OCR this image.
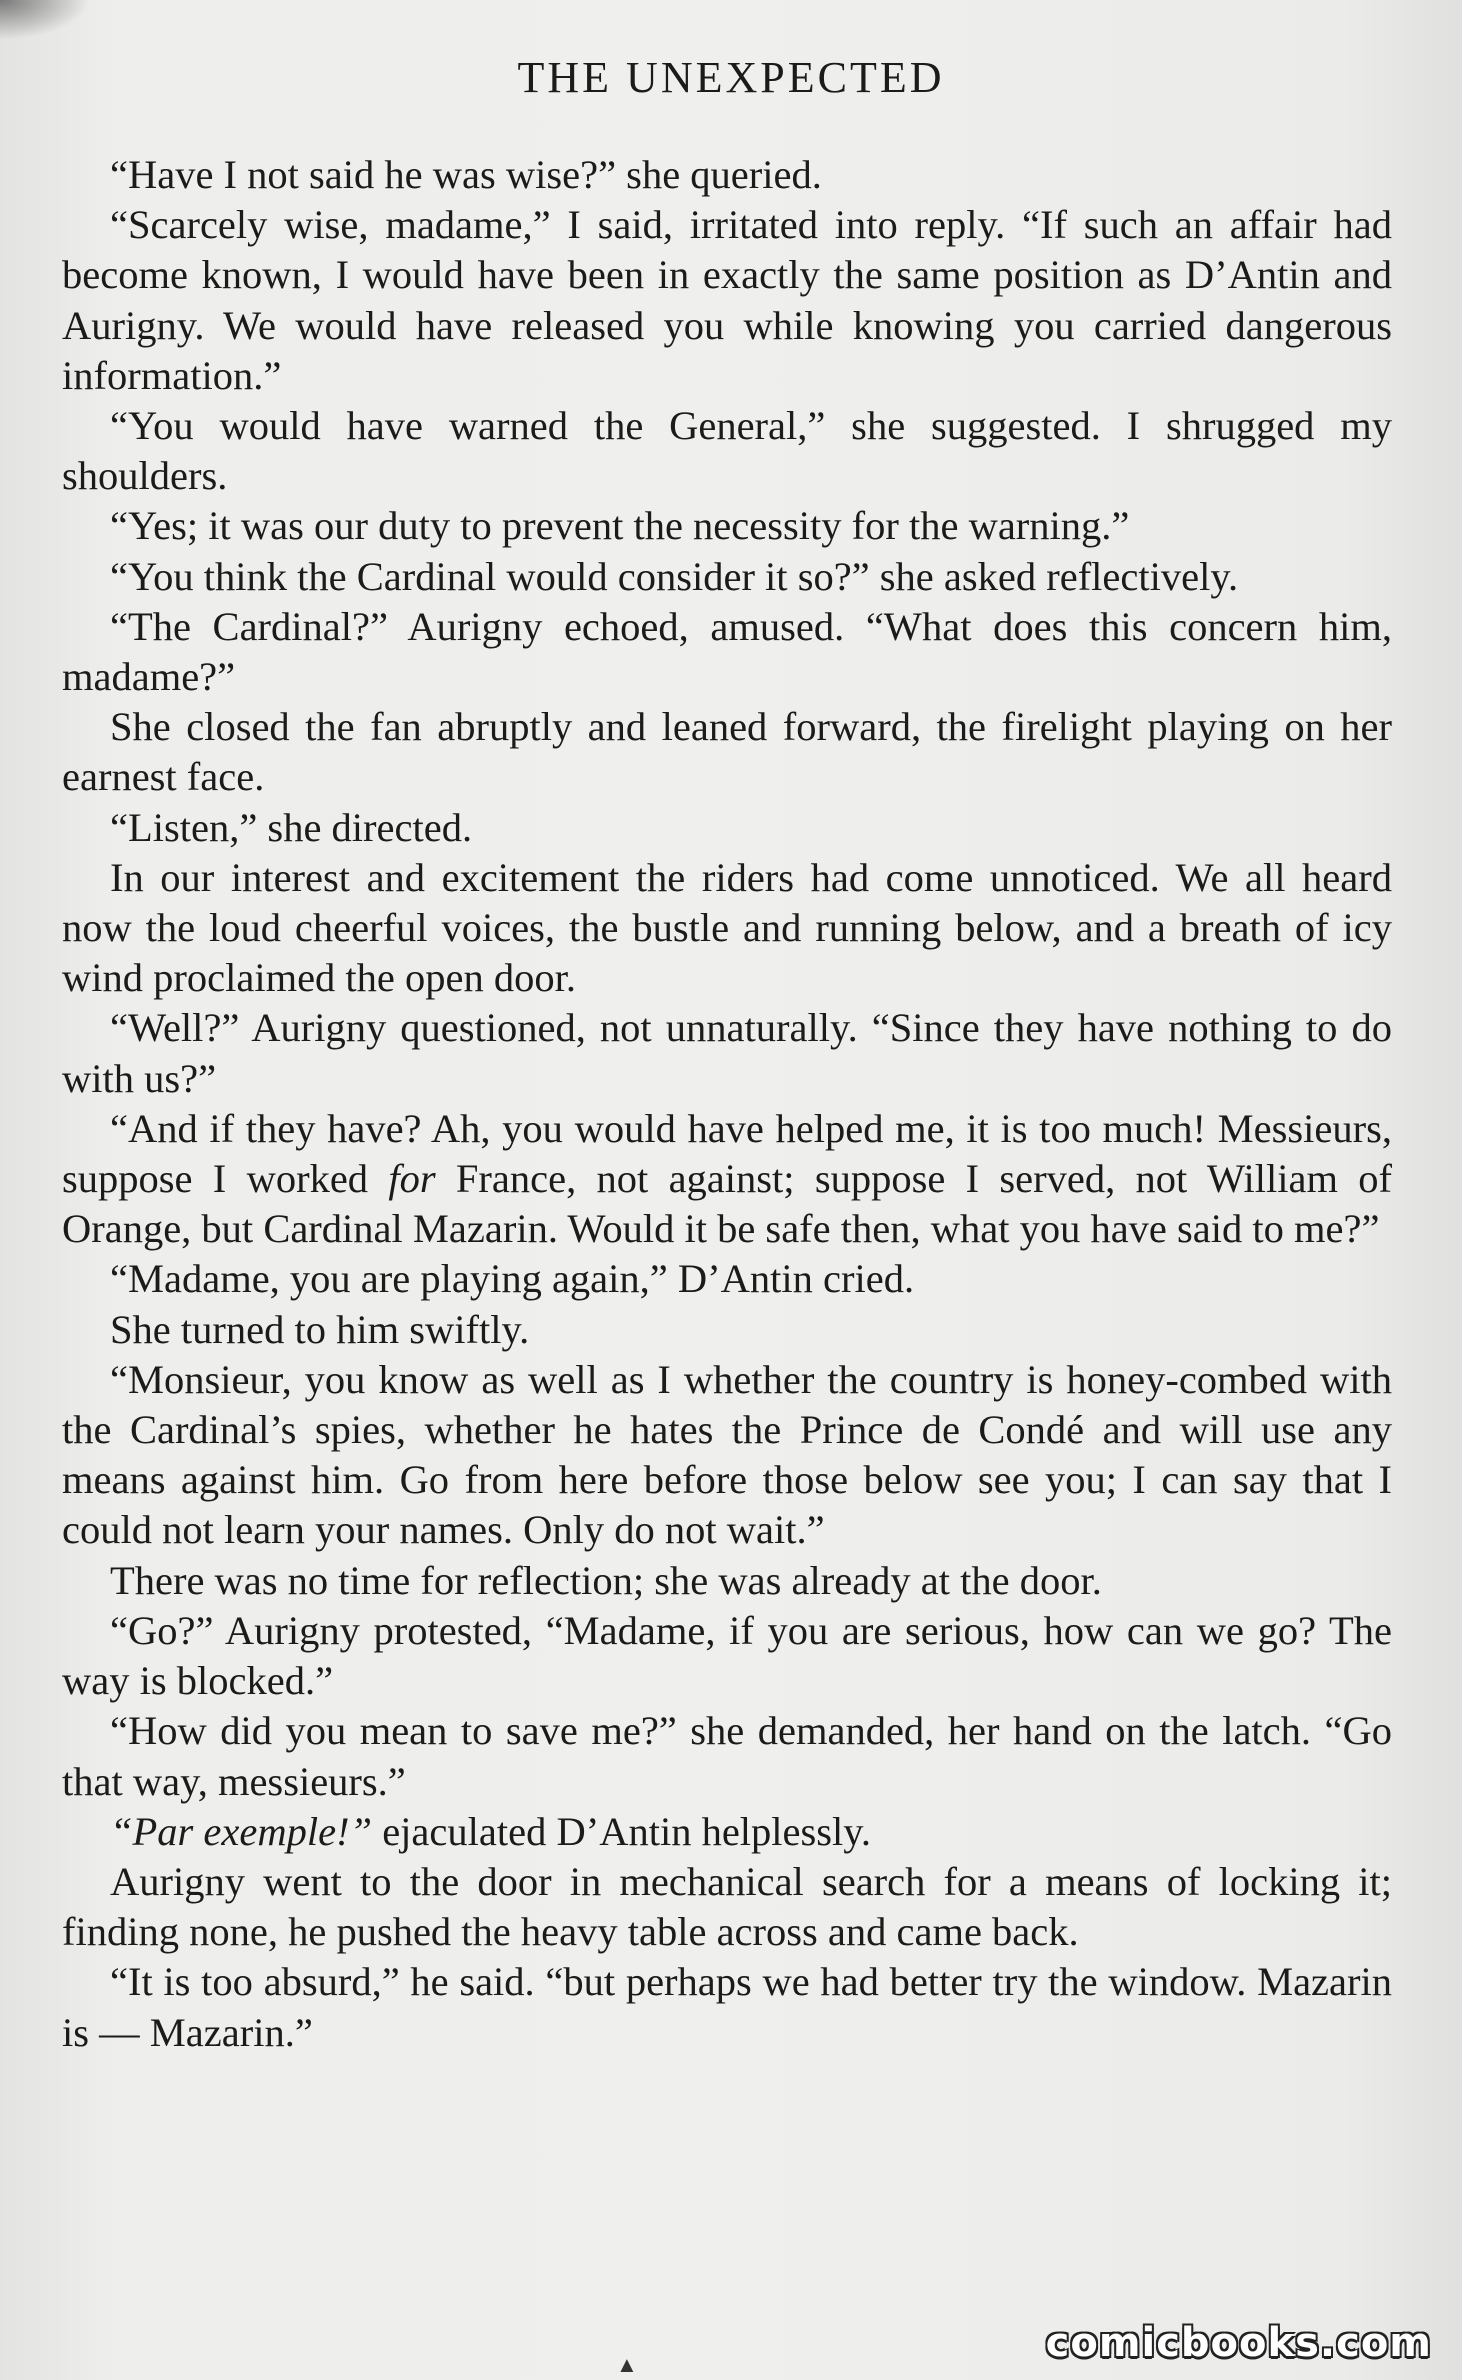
THE UNEXPECTED

“Have I not said he was wise?” she queried.

“Scarcely wise, madame,” I said, irritated into reply. “If such an affair had become known, I would have been in exactly the same position as D’Antin and Aurigny. We would have released you while knowing you carried dangerous information.”

“You would have warned the General,” she suggested. I shrugged my shoulders.

“Yes; it was our duty to prevent the necessity for the warning.”

“You think the Cardinal would consider it so?” she asked reflectively.

“The Cardinal?” Aurigny echoed, amused. “What does this concern him, madame?”

She closed the fan abruptly and leaned forward, the firelight playing on her earnest face.

“Listen,” she directed.

In our interest and excitement the riders had come unnoticed. We all heard now the loud cheerful voices, the bustle and running below, and a breath of icy wind proclaimed the open door.

“Well?” Aurigny questioned, not unnaturally. “Since they have nothing to do with us?”

“And if they have? Ah, you would have helped me, it is too much! Messieurs, suppose I worked for France, not against; suppose I served, not William of Orange, but Cardinal Mazarin. Would it be safe then, what you have said to me?”

“Madame, you are playing again,” D’Antin cried.

She turned to him swiftly.

“Monsieur, you know as well as I whether the country is honey-combed with the Cardinal’s spies, whether he hates the Prince de Condé and will use any means against him. Go from here before those below see you; I can say that I could not learn your names. Only do not wait.”

There was no time for reflection; she was already at the door.

“Go?” Aurigny protested, “Madame, if you are serious, how can we go? The way is blocked.”

“How did you mean to save me?” she demanded, her hand on the latch. “Go that way, messieurs.”

“Par exemple!” ejaculated D’Antin helplessly.

Aurigny went to the door in mechanical search for a means of locking it; finding none, he pushed the heavy table across and came back.

“It is too absurd,” he said. “but perhaps we had better try the window. Mazarin is — Mazarin.”

▲	comicbooks.com
